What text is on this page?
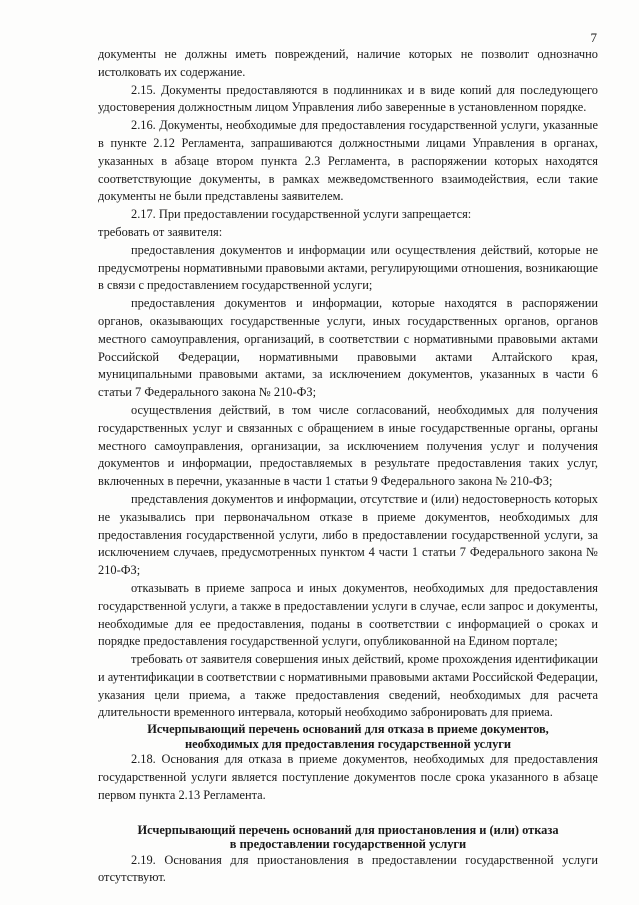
7

документы не должны иметь повреждений, наличие которых не позволит однозначно истолковать их содержание.

2.15. Документы предоставляются в подлинниках и в виде копий для последующего удостоверения должностным лицом Управления либо заверенные в установленном порядке.

2.16. Документы, необходимые для предоставления государственной услуги, указанные в пункте 2.12 Регламента, запрашиваются должностными лицами Управления в органах, указанных в абзаце втором пункта 2.3 Регламента, в распоряжении которых находятся соответствующие документы, в рамках межведомственного взаимодействия, если такие документы не были представлены заявителем.

2.17. При предоставлении государственной услуги запрещается:

требовать от заявителя:

предоставления документов и информации или осуществления действий, которые не предусмотрены нормативными правовыми актами, регулирующими отношения, возникающие в связи с предоставлением государственной услуги;

предоставления документов и информации, которые находятся в распоряжении органов, оказывающих государственные услуги, иных государственных органов, органов местного самоуправления, организаций, в соответствии с нормативными правовыми актами Российской Федерации, нормативными правовыми актами Алтайского края, муниципальными правовыми актами, за исключением документов, указанных в части 6 статьи 7 Федерального закона № 210-ФЗ;

осуществления действий, в том числе согласований, необходимых для получения государственных услуг и связанных с обращением в иные государственные органы, органы местного самоуправления, организации, за исключением получения услуг и получения документов и информации, предоставляемых в результате предоставления таких услуг, включенных в перечни, указанные в части 1 статьи 9 Федерального закона № 210-ФЗ;

представления документов и информации, отсутствие и (или) недостоверность которых не указывались при первоначальном отказе в приеме документов, необходимых для предоставления государственной услуги, либо в предоставлении государственной услуги, за исключением случаев, предусмотренных пунктом 4 части 1 статьи 7 Федерального закона № 210-ФЗ;

отказывать в приеме запроса и иных документов, необходимых для предоставления государственной услуги, а также в предоставлении услуги в случае, если запрос и документы, необходимые для ее предоставления, поданы в соответствии с информацией о сроках и порядке предоставления государственной услуги, опубликованной на Едином портале;

требовать от заявителя совершения иных действий, кроме прохождения идентификации и аутентификации в соответствии с нормативными правовыми актами Российской Федерации, указания цели приема, а также предоставления сведений, необходимых для расчета длительности временного интервала, который необходимо забронировать для приема.

Исчерпывающий перечень оснований для отказа в приеме документов,
необходимых для предоставления государственной услуги

2.18. Основания для отказа в приеме документов, необходимых для предоставления государственной услуги является поступление документов после срока указанного в абзаце первом пункта 2.13 Регламента.

Исчерпывающий перечень оснований для приостановления и (или) отказа
в предоставлении государственной услуги

2.19. Основания для приостановления в предоставлении государственной услуги отсутствуют.
